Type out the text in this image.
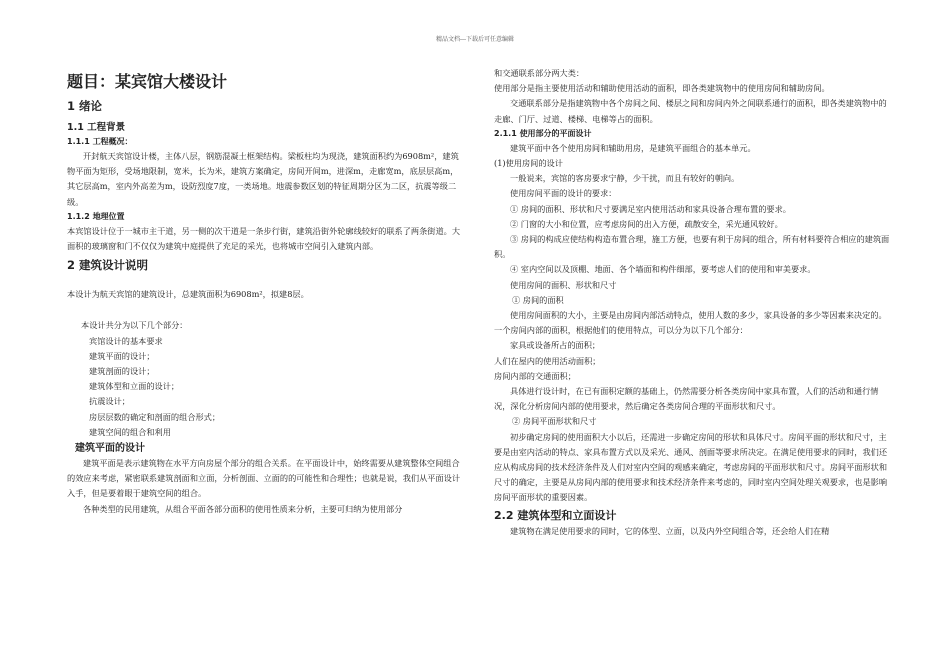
精品文档---下载后可任意编辑
题目：某宾馆大楼设计
1 绪论
1.1 工程背景
1.1.1 工程概况：

开封航天宾馆设计楼，主体八层，钢筋混凝土框架结构。梁板柱均为现浇，建筑面积约为6908m²，建筑物平面为矩形，受场地限制，宽米，长为米，建筑方案确定，房间开间m，进深m，走廊宽m，底层层高m，其它层高m，室内外高差为m，设防烈度7度，一类场地。地震参数区划的特征周期分区为二区，抗震等级二级。

1.1.2 地理位置

本宾馆设计位于一城市主干道，另一侧的次干道是一条步行街，建筑沿街外轮廓线较好的联系了两条街道。大面积的玻璃窗和门不仅仅为建筑中庭提供了充足的采光，也将城市空间引入建筑内部。

2 建筑设计说明

本设计为航天宾馆的建筑设计，总建筑面积为6908m²，拟建8层。

本设计共分为以下几个部分：

宾馆设计的基本要求

建筑平面的设计；

建筑剖面的设计；

建筑体型和立面的设计；

抗震设计；

房层层数的确定和剖面的组合形式；

建筑空间的组合和利用

建筑平面的设计

建筑平面是表示建筑物在水平方向房屋个部分的组合关系。在平面设计中，始终需要从建筑整体空间组合的效应来考虑，紧密联系建筑剖面和立面，分析剖面、立面的的可能性和合理性；也就是说，我们从平面设计入手，但是要着眼于建筑空间的组合。

各种类型的民用建筑，从组合平面各部分面积的使用性质来分析，主要可归纳为使用部分

和交通联系部分两大类：

使用部分是指主要使用活动和辅助使用活动的面积，即各类建筑物中的使用房间和辅助房间。

交通联系部分是指建筑物中各个房间之间、楼层之间和房间内外之间联系通行的面积，即各类建筑物中的走廊、门厅、过道、楼梯、电梯等占的面积。

2.1.1 使用部分的平面设计

建筑平面中各个使用房间和辅助用房，是建筑平面组合的基本单元。

(1)使用房间的设计

一般说来，宾馆的客房要求宁静，少干扰，而且有较好的朝向。

使用房间平面的设计的要求：

① 房间的面积、形状和尺寸要满足室内使用活动和家具设备合理布置的要求。

② 门窗的大小和位置，应考虑房间的出入方便，疏散安全，采光通风较好。

③ 房间的构成应使结构构造布置合理，施工方便，也要有利于房间的组合，所有材料要符合相应的建筑面积。

④ 室内空间以及顶棚、地面、各个墙面和构件细部，要考虑人们的使用和审美要求。

使用房间的面积、形状和尺寸

① 房间的面积

使用房间面积的大小，主要是由房间内部活动特点，使用人数的多少，家具设备的多少等因素来决定的。一个房间内部的面积，根据他们的使用特点，可以分为以下几个部分：

家具或设备所占的面积；

人们在屋内的使用活动面积；

房间内部的交通面积；

具体进行设计时，在已有面积定额的基础上，仍然需要分析各类房间中家具布置，人们的活动和通行情况，深化分析房间内部的使用要求，然后确定各类房间合理的平面形状和尺寸。

② 房间平面形状和尺寸

初步确定房间的使用面积大小以后，还需进一步确定房间的形状和具体尺寸。房间平面的形状和尺寸，主要是由室内活动的特点、家具布置方式以及采光、通风、剖面等要求所决定。在满足使用要求的同时，我们还应从构成房间的技术经济条件及人们对室内空间的观感来确定，考虑房间的平面形状和尺寸。房间平面形状和尺寸的确定，主要是从房间内部的使用要求和技术经济条件来考虑的，同时室内空间处理关观要求，也是影响房间平面形状的重要因素。

2.2 建筑体型和立面设计

建筑物在满足使用要求的同时，它的体型、立面，以及内外空间组合等，还会给人们在精
